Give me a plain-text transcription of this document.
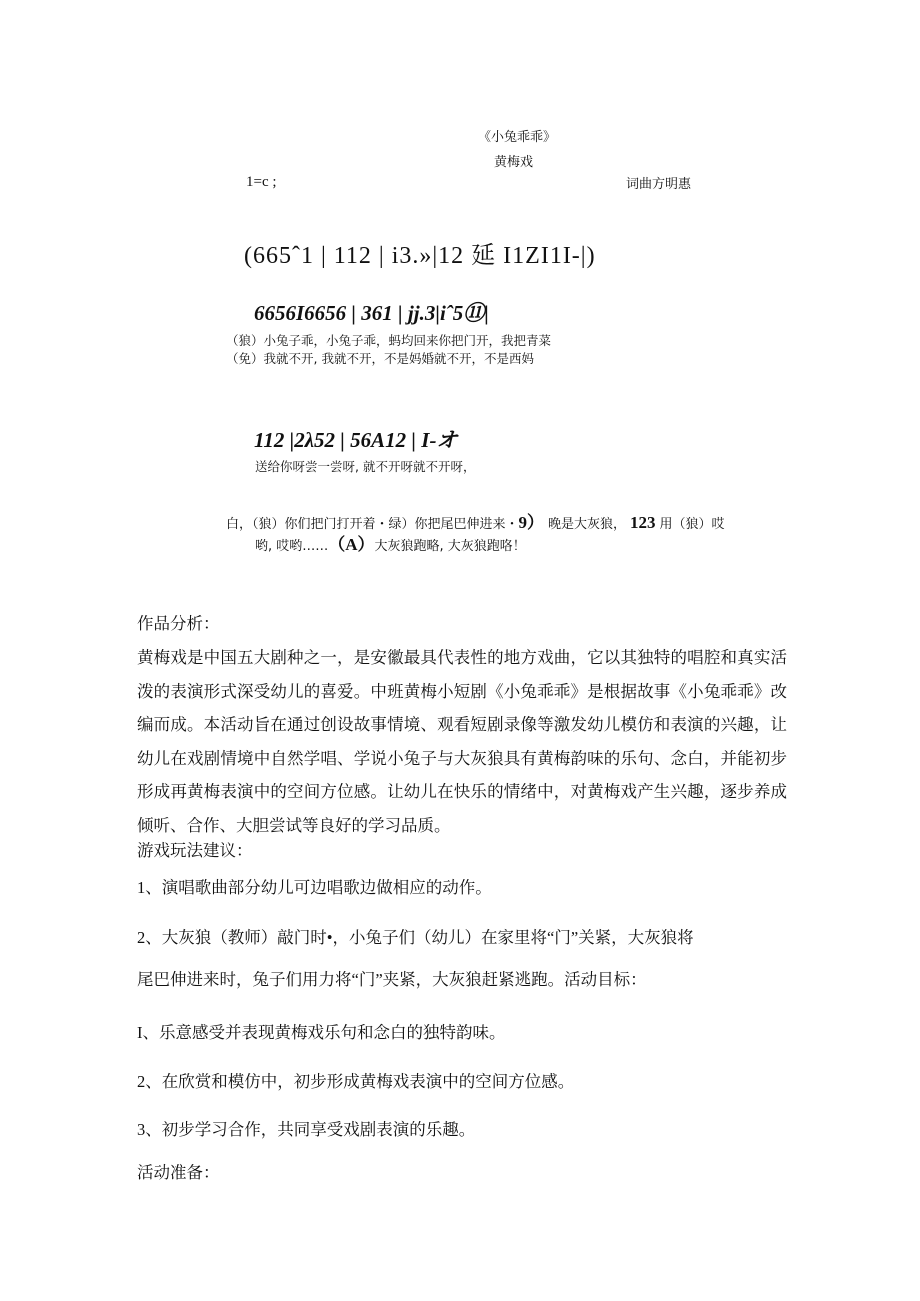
《小兔乖乖》
黄梅戏
1=c ;	词曲方明惠
(665ˆ1 | 112 | i3.»|12 延 I1ZI1I-|)
6656I6656 | 361 | jj.3|iˆ5⑪|
（狼）小兔子乖，小兔子乖，蚂均回来你把门开，我把青菜
（免）我就不开, 我就不开，不是妈婚就不开，不是西妈
112 |2λ52 | 56A12 | I-オ
送给你呀尝一尝呀, 就不开呀就不开呀，
白，（狼）你们把门打开着・绿）你把尾巴伸进来・9） 晚是大灰狼， 123 用（狼）哎
哟, 哎哟……（A）大灰狼跑略, 大灰狼跑咯！
作品分析：
黄梅戏是中国五大剧种之一，是安徽最具代表性的地方戏曲，它以其独特的唱腔和真实活泼的表演形式深受幼儿的喜爱。中班黄梅小短剧《小兔乖乖》是根据故事《小兔乖乖》改编而成。本活动旨在通过创设故事情境、观看短剧录像等激发幼儿模仿和表演的兴趣，让幼儿在戏剧情境中自然学唱、学说小兔子与大灰狼具有黄梅韵味的乐句、念白，并能初步形成再黄梅表演中的空间方位感。让幼儿在快乐的情绪中，对黄梅戏产生兴趣，逐步养成倾听、合作、大胆尝试等良好的学习品质。
游戏玩法建议：
1、演唱歌曲部分幼儿可边唱歌边做相应的动作。
2、大灰狼（教师）敲门时•，小兔子们（幼儿）在家里将“门”关紧，大灰狼将
尾巴伸进来时，兔子们用力将“门”夹紧，大灰狼赶紧逃跑。活动目标：
I、乐意感受并表现黄梅戏乐句和念白的独特韵味。
2、在欣赏和模仿中，初步形成黄梅戏表演中的空间方位感。
3、初步学习合作，共同享受戏剧表演的乐趣。
活动准备：
